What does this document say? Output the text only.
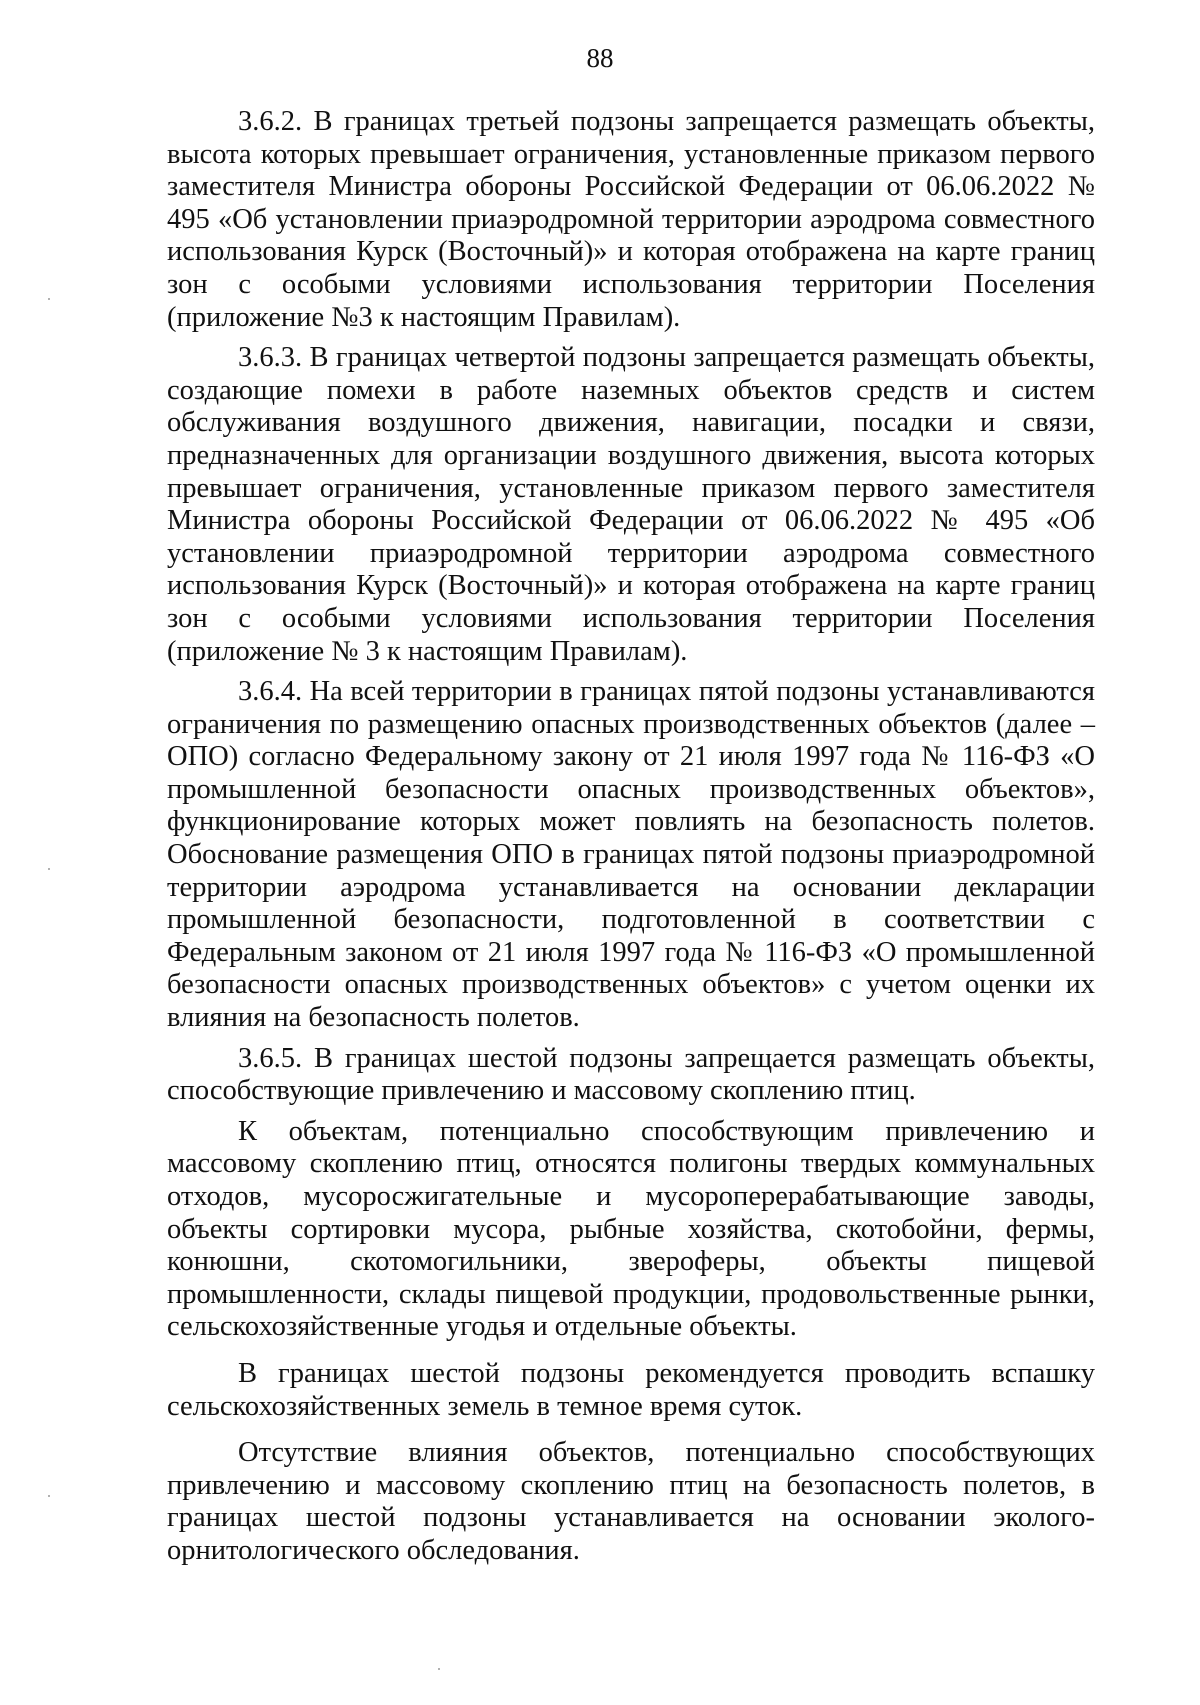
88

3.6.2. В границах третьей подзоны запрещается размещать объекты, высота которых превышает ограничения, установленные приказом первого заместителя Министра обороны Российской Федерации от 06.06.2022 № 495 «Об установлении приаэродромной территории аэродрома совместного использования Курск (Восточный)» и которая отображена на карте границ зон с особыми условиями использования территории Поселения (приложение №3 к настоящим Правилам).

3.6.3. В границах четвертой подзоны запрещается размещать объекты, создающие помехи в работе наземных объектов средств и систем обслуживания воздушного движения, навигации, посадки и связи, предназначенных для организации воздушного движения, высота которых превышает ограничения, установленные приказом первого заместителя Министра обороны Российской Федерации от 06.06.2022 № 495 «Об установлении приаэродромной территории аэродрома совместного использования Курск (Восточный)» и которая отображена на карте границ зон с особыми условиями использования территории Поселения (приложение № 3 к настоящим Правилам).

3.6.4. На всей территории в границах пятой подзоны устанавливаются ограничения по размещению опасных производственных объектов (далее – ОПО) согласно Федеральному закону от 21 июля 1997 года № 116-ФЗ «О промышленной безопасности опасных производственных объектов», функционирование которых может повлиять на безопасность полетов. Обоснование размещения ОПО в границах пятой подзоны приаэродромной территории аэродрома устанавливается на основании декларации промышленной безопасности, подготовленной в соответствии с Федеральным законом от 21 июля 1997 года № 116-ФЗ «О промышленной безопасности опасных производственных объектов» с учетом оценки их влияния на безопасность полетов.

3.6.5. В границах шестой подзоны запрещается размещать объекты, способствующие привлечению и массовому скоплению птиц.

К объектам, потенциально способствующим привлечению и массовому скоплению птиц, относятся полигоны твердых коммунальных отходов, мусоросжигательные и мусороперерабатывающие заводы, объекты сортировки мусора, рыбные хозяйства, скотобойни, фермы, конюшни, скотомогильники, звероферы, объекты пищевой промышленности, склады пищевой продукции, продовольственные рынки, сельскохозяйственные угодья и отдельные объекты.

В границах шестой подзоны рекомендуется проводить вспашку сельскохозяйственных земель в темное время суток.

Отсутствие влияния объектов, потенциально способствующих привлечению и массовому скоплению птиц на безопасность полетов, в границах шестой подзоны устанавливается на основании эколого-орнитологического обследования.
